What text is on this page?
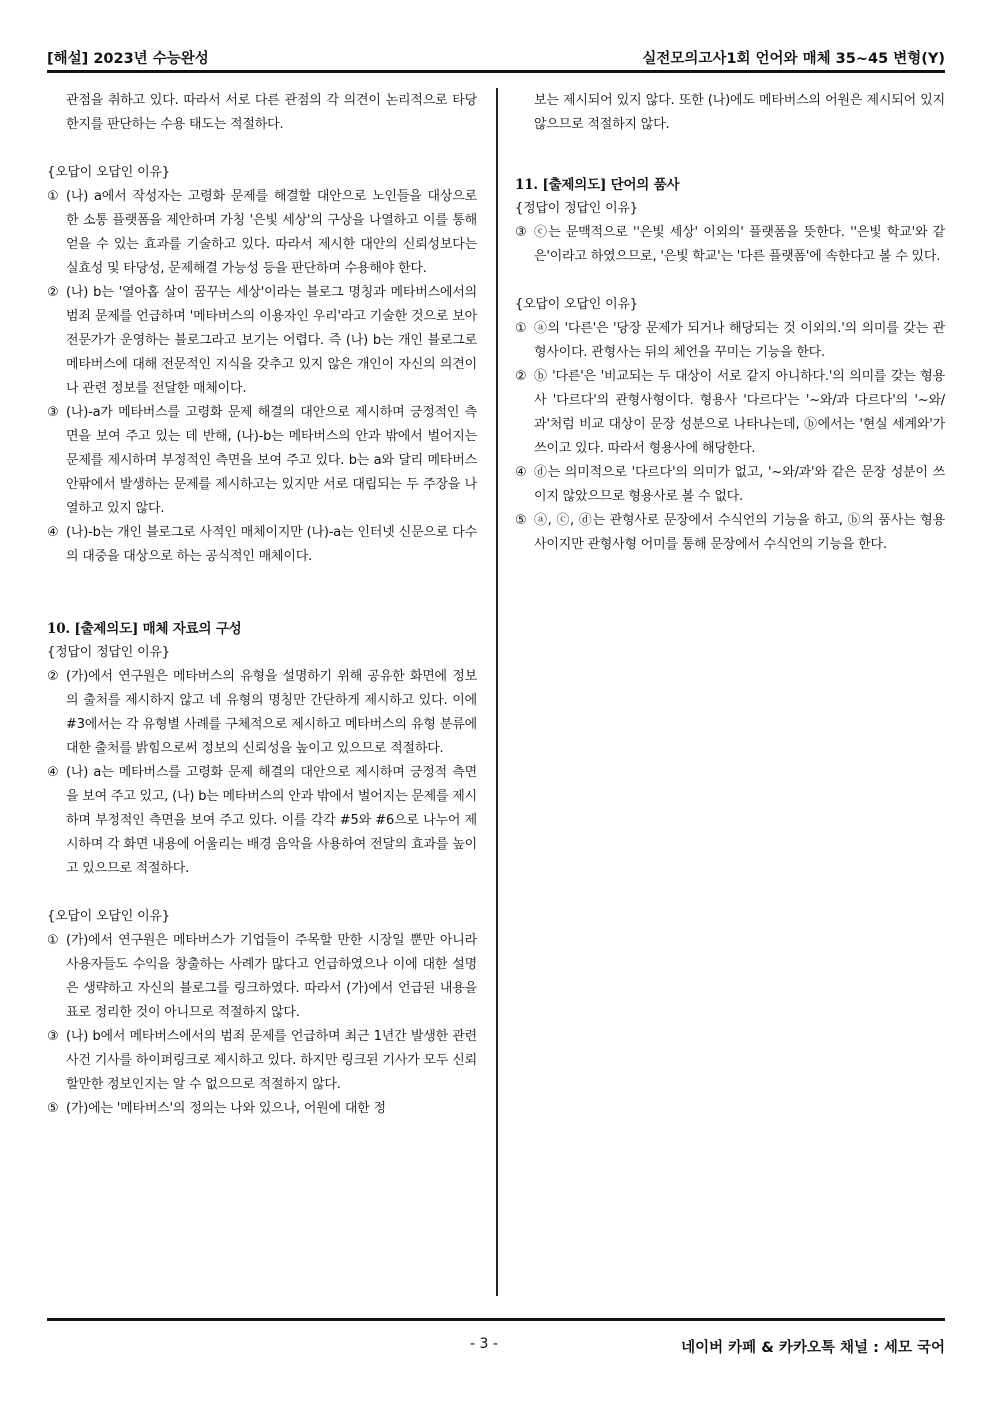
[해설] 2023년 수능완성	실전모의고사1회 언어와 매체 35~45 변형(Y)

관점을 취하고 있다. 따라서 서로 다른 관점의 각 의견이 논리적으로 타당한지를 판단하는 수용 태도는 적절하다.

{오답이 오답인 이유}

① (나) a에서 작성자는 고령화 문제를 해결할 대안으로 노인들을 대상으로 한 소통 플랫폼을 제안하며 가칭 '은빛 세상'의 구상을 나열하고 이를 통해 얻을 수 있는 효과를 기술하고 있다. 따라서 제시한 대안의 신뢰성보다는 실효성 및 타당성, 문제해결 가능성 등을 판단하며 수용해야 한다.
② (나) b는 '열아홉 살이 꿈꾸는 세상'이라는 블로그 명칭과 메타버스에서의 범죄 문제를 언급하며 '메타버스의 이용자인 우리'라고 기술한 것으로 보아 전문가가 운영하는 블로그라고 보기는 어렵다. 즉 (나) b는 개인 블로그로 메타버스에 대해 전문적인 지식을 갖추고 있지 않은 개인이 자신의 의견이나 관련 정보를 전달한 매체이다.
③ (나)-a가 메타버스를 고령화 문제 해결의 대안으로 제시하며 긍정적인 측면을 보여 주고 있는 데 반해, (나)-b는 메타버스의 안과 밖에서 벌어지는 문제를 제시하며 부정적인 측면을 보여 주고 있다. b는 a와 달리 메타버스 안팎에서 발생하는 문제를 제시하고는 있지만 서로 대립되는 두 주장을 나열하고 있지 않다.
④ (나)-b는 개인 블로그로 사적인 매체이지만 (나)-a는 인터넷 신문으로 다수의 대중을 대상으로 하는 공식적인 매체이다.

10. [출제의도] 매체 자료의 구성

{정답이 정답인 이유}

② (가)에서 연구원은 메타버스의 유형을 설명하기 위해 공유한 화면에 정보의 출처를 제시하지 않고 네 유형의 명칭만 간단하게 제시하고 있다. 이에 #3에서는 각 유형별 사례를 구체적으로 제시하고 메타버스의 유형 분류에 대한 출처를 밝힘으로써 정보의 신뢰성을 높이고 있으므로 적절하다.
④ (나) a는 메타버스를 고령화 문제 해결의 대안으로 제시하며 긍정적 측면을 보여 주고 있고, (나) b는 메타버스의 안과 밖에서 벌어지는 문제를 제시하며 부정적인 측면을 보여 주고 있다. 이를 각각 #5와 #6으로 나누어 제시하며 각 화면 내용에 어울리는 배경 음악을 사용하여 전달의 효과를 높이고 있으므로 적절하다.

{오답이 오답인 이유}

① (가)에서 연구원은 메타버스가 기업들이 주목할 만한 시장일 뿐만 아니라 사용자들도 수익을 창출하는 사례가 많다고 언급하였으나 이에 대한 설명은 생략하고 자신의 블로그를 링크하였다. 따라서 (가)에서 언급된 내용을 표로 정리한 것이 아니므로 적절하지 않다.
③ (나) b에서 메타버스에서의 범죄 문제를 언급하며 최근 1년간 발생한 관련 사건 기사를 하이퍼링크로 제시하고 있다. 하지만 링크된 기사가 모두 신뢰할만한 정보인지는 알 수 없으므로 적절하지 않다.
⑤ (가)에는 '메타버스'의 정의는 나와 있으나, 어원에 대한 정

보는 제시되어 있지 않다. 또한 (나)에도 메타버스의 어원은 제시되어 있지 않으므로 적절하지 않다.

11. [출제의도] 단어의 품사

{정답이 정답인 이유}

③ ⓒ는 문맥적으로 ''은빛 세상' 이외의' 플랫폼을 뜻한다. ''은빛 학교'와 같은'이라고 하였으므로, '은빛 학교'는 '다른 플랫폼'에 속한다고 볼 수 있다.

{오답이 오답인 이유}

① ⓐ의 '다른'은 '당장 문제가 되거나 해당되는 것 이외의.'의 의미를 갖는 관형사이다. 관형사는 뒤의 체언을 꾸미는 기능을 한다.
② ⓑ '다른'은 '비교되는 두 대상이 서로 같지 아니하다.'의 의미를 갖는 형용사 '다르다'의 관형사형이다. 형용사 '다르다'는 '~와/과 다르다'의 '~와/과'처럼 비교 대상이 문장 성분으로 나타나는데, ⓑ에서는 '현실 세계와'가 쓰이고 있다. 따라서 형용사에 해당한다.
④ ⓓ는 의미적으로 '다르다'의 의미가 없고, '~와/과'와 같은 문장 성분이 쓰이지 않았으므로 형용사로 볼 수 없다.
⑤ ⓐ, ⓒ, ⓓ는 관형사로 문장에서 수식언의 기능을 하고, ⓑ의 품사는 형용사이지만 관형사형 어미를 통해 문장에서 수식언의 기능을 한다.
- 3 -	네이버 카페 & 카카오톡 채널 : 세모 국어
